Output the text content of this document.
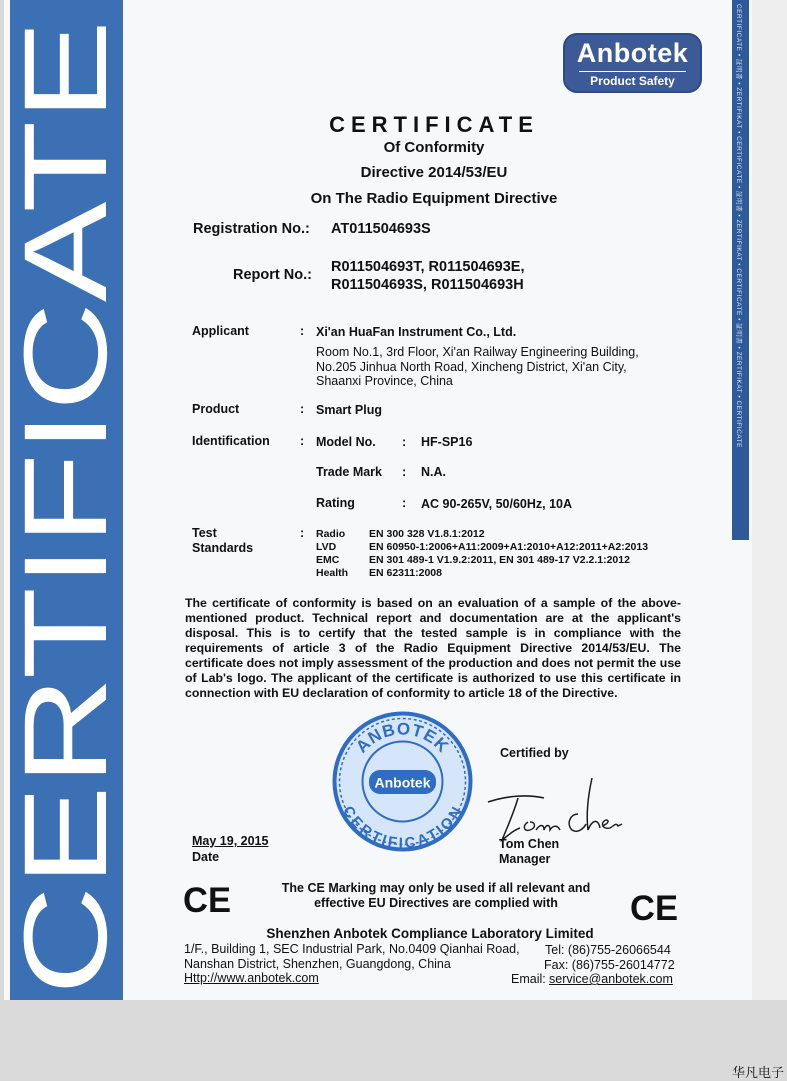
CERTIFICATE
CERTIFICATE • 証明書 • ZERTIFIKAT • CERTIFICATE • 証明書 • ZERTIFIKAT • CERTIFICATE • 証明書 • ZERTIFIKAT • CERTIFICATE
Anbotek
Product Safety
CERTIFICATE
Of Conformity
Directive 2014/53/EU
On The Radio Equipment Directive
Registration No.: AT011504693S
Report No.: R011504693T, R011504693E,
R011504693S, R011504693H
Applicant	: Xi'an HuaFan Instrument Co., Ltd.
Room No.1, 3rd Floor, Xi'an Railway Engineering Building,
No.205 Jinhua North Road, Xincheng District, Xi'an City,
Shaanxi Province, China
Product	: Smart Plug
Identification : Model No. : HF-SP16
Trade Mark : N.A.
Rating	: AC 90-265V, 50/60Hz, 10A
Test
Standards
: Radio EN 300 328 V1.8.1:2012
LVD	EN 60950-1:2006+A11:2009+A1:2010+A12:2011+A2:2013
EMC	EN 301 489-1 V1.9.2:2011, EN 301 489-17 V2.2.1:2012
Health EN 62311:2008
The certificate of conformity is based on an evaluation of a sample of the above-mentioned product. Technical report and documentation are at the applicant's disposal. This is to certify that the tested sample is in compliance with the requirements of article 3 of the Radio Equipment Directive 2014/53/EU. The certificate does not imply assessment of the production and does not permit the use of Lab's logo. The applicant of the certificate is authorized to use this certificate in connection with EU declaration of conformity to article 18 of the Directive.
ANBOTEK
CERTIFICATION
Anbotek
Certified by
Tom Chen
Manager
May 19, 2015
Date
CE	CE
The CE Marking may only be used if all relevant and
effective EU Directives are complied with
Shenzhen Anbotek Compliance Laboratory Limited
1/F., Building 1, SEC Industrial Park, No.0409 Qianhai Road,
Nanshan District, Shenzhen, Guangdong, China
Http://www.anbotek.com
Tel: (86)755-26066544
Fax: (86)755-26014772
Email: service@anbotek.com
华凡电子
